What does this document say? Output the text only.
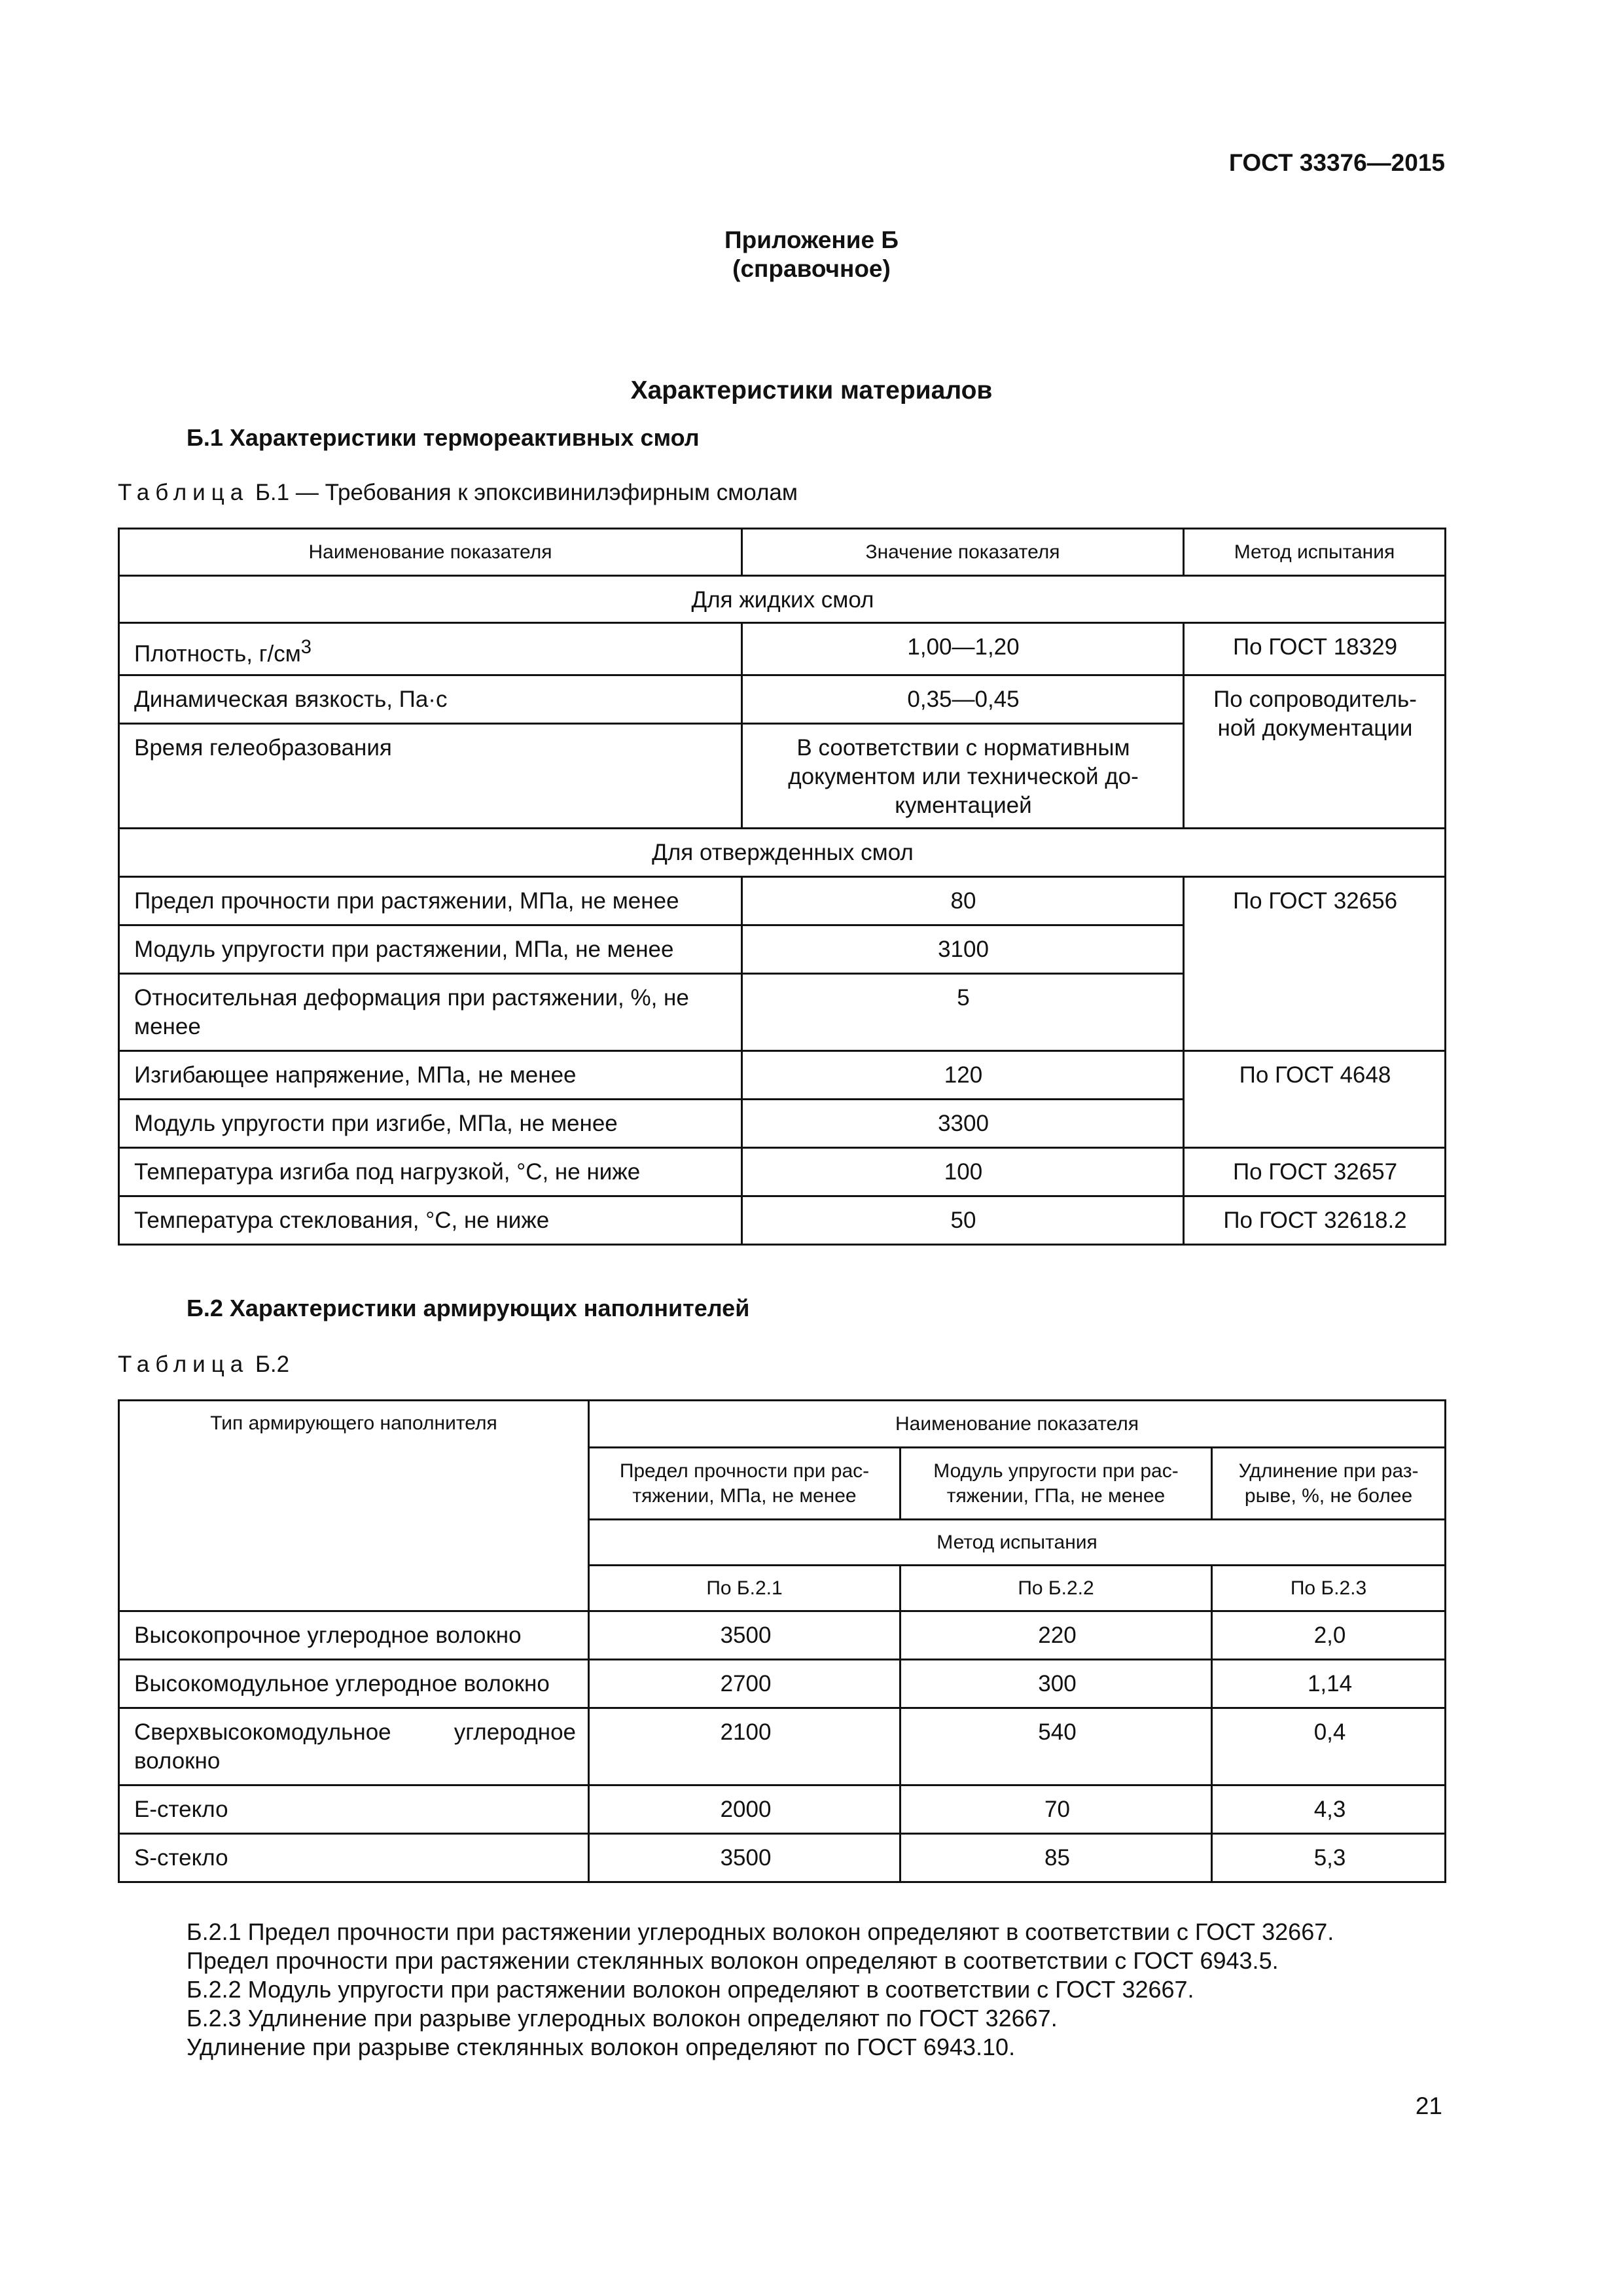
ГОСТ 33376—2015
Приложение Б
(справочное)
Характеристики материалов
Б.1 Характеристики термореактивных смол
Таблица Б.1 — Требования к эпоксивинилэфирным смолам
Наименование показателя	Значение показателя	Метод испытания
Для жидких смол		
Плотность, $г/см^3$	1,00—1,20	По ГОСТ 18329
Динамическая вязкость, Па·с	0,35—0,45	По сопроводитель-ной документации
Время гелеобразования	В соответствии с нормативным документом или технической до-кументацией	
Для отвержденных смол		
Предел прочности при растяжении, МПа, не менее	80	По ГОСТ 32656
Модуль упругости при растяжении, МПа, не менее	3100	
Относительная деформация при растяжении, %, не менее	5	
Изгибающее напряжение, МПа, не менее	120	По ГОСТ 4648
Модуль упругости при изгибе, МПа, не менее	3300	
Температура изгиба под нагрузкой, °С, не ниже	100	По ГОСТ 32657
Температура стеклования, °С, не ниже	50	По ГОСТ 32618.2
Б.2 Характеристики армирующих наполнителей
Таблица Б.2
Тип армирующего наполнителя	Наименование показателя		
	Предел прочности при рас-тяжении, МПа, не менее	Модуль упругости при рас-тяжении, ГПа, не менее	Удлинение при раз-рыве, %, не более
	Метод испытания		
	По Б.2.1	По Б.2.2	По Б.2.3
Высокопрочное углеродное волокно	3500	220	2,0
Высокомодульное углеродное волокно	2700	300	1,14
Сверхвысокомодульное углеродное волокно	2100	540	0,4
Е-стекло	2000	70	4,3
S-стекло	3500	85	5,3
Б.2.1 Предел прочности при растяжении углеродных волокон определяют в соответствии с ГОСТ 32667.
Предел прочности при растяжении стеклянных волокон определяют в соответствии с ГОСТ 6943.5.
Б.2.2 Модуль упругости при растяжении волокон определяют в соответствии с ГОСТ 32667.
Б.2.3 Удлинение при разрыве углеродных волокон определяют по ГОСТ 32667.
Удлинение при разрыве стеклянных волокон определяют по ГОСТ 6943.10.
21
